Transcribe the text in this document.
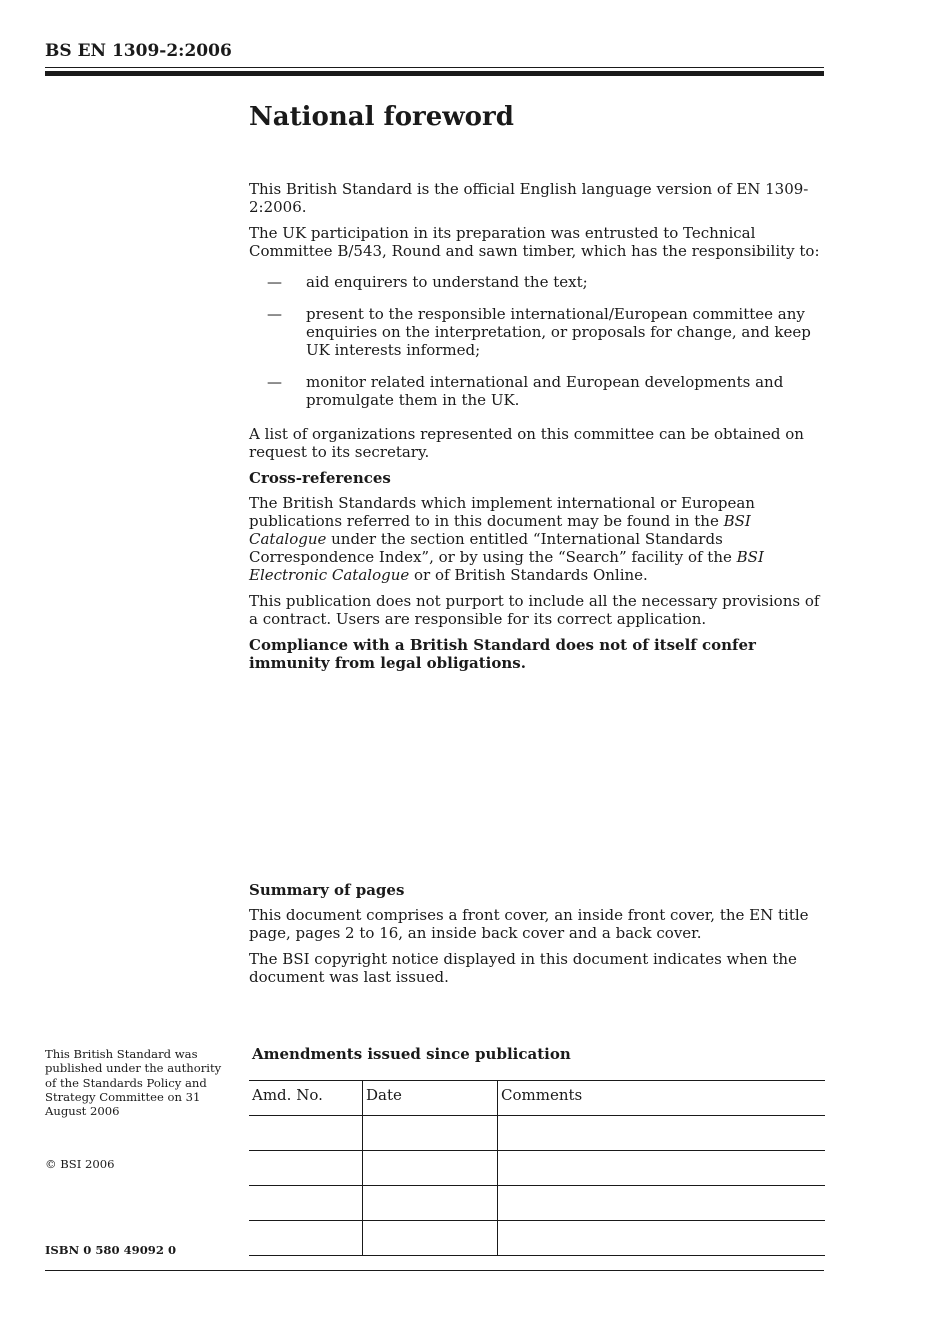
BS EN 1309-2:2006
National foreword

This British Standard is the official English language version of EN 1309-2:2006.

The UK participation in its preparation was entrusted to Technical Committee B/543, Round and sawn timber, which has the responsibility to:

— aid enquirers to understand the text;
— present to the responsible international/European committee any enquiries on the interpretation, or proposals for change, and keep UK interests informed;
— monitor related international and European developments and promulgate them in the UK.

A list of organizations represented on this committee can be obtained on request to its secretary.

Cross-references

The British Standards which implement international or European publications referred to in this document may be found in the BSI Catalogue under the section entitled “International Standards Correspondence Index”, or by using the “Search” facility of the BSI Electronic Catalogue or of British Standards Online.

This publication does not purport to include all the necessary provisions of a contract. Users are responsible for its correct application.

Compliance with a British Standard does not of itself confer immunity from legal obligations.

Summary of pages

This document comprises a front cover, an inside front cover, the EN title page, pages 2 to 16, an inside back cover and a back cover.

The BSI copyright notice displayed in this document indicates when the document was last issued.

This British Standard was published under the authority of the Standards Policy and Strategy Committee on 31 August 2006
© BSI 2006
ISBN 0 580 49092 0
Amendments issued since publication
Amd. No.	Date	Comments
